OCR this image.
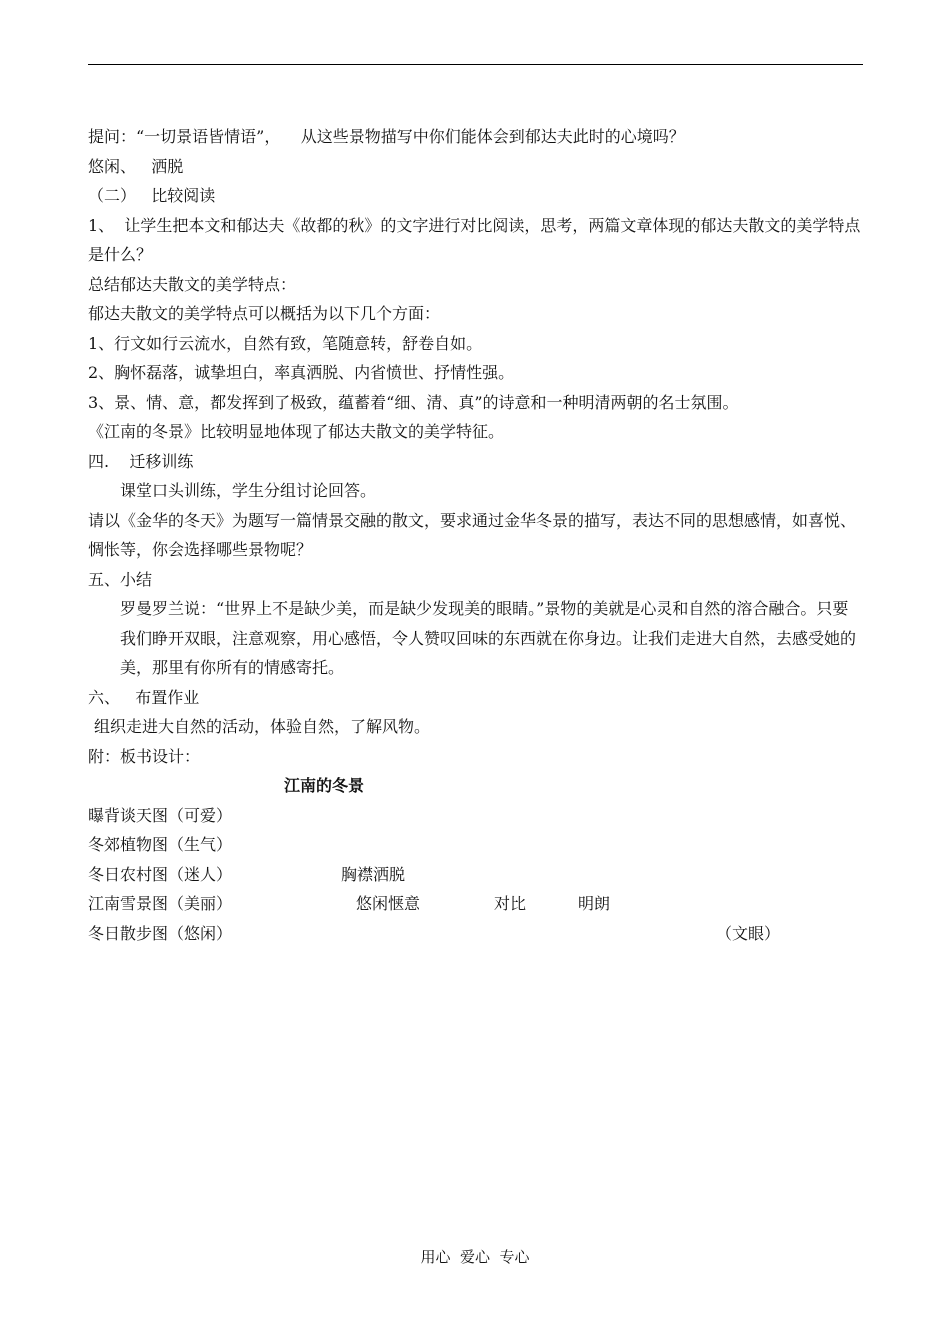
提问：“一切景语皆情语”，    从这些景物描写中你们能体会到郁达夫此时的心境吗？

悠闲、   洒脱

（二）   比较阅读

1、  让学生把本文和郁达夫《故都的秋》的文字进行对比阅读，思考，两篇文章体现的郁达夫散文的美学特点是什么？

总结郁达夫散文的美学特点：

郁达夫散文的美学特点可以概括为以下几个方面：

1、行文如行云流水，自然有致，笔随意转，舒卷自如。

2、胸怀磊落，诚挚坦白，率真洒脱、内省愤世、抒情性强。

3、景、情、意，都发挥到了极致，蕴蓄着“细、清、真”的诗意和一种明清两朝的名士氛围。

《江南的冬景》比较明显地体现了郁达夫散文的美学特征。

四.    迁移训练

课堂口头训练，学生分组讨论回答。

请以《金华的冬天》为题写一篇情景交融的散文，要求通过金华冬景的描写，表达不同的思想感情，如喜悦、惆怅等，你会选择哪些景物呢？

五、小结

罗曼罗兰说：“世界上不是缺少美，而是缺少发现美的眼睛。”景物的美就是心灵和自然的溶合融合。只要我们睁开双眼，注意观察，用心感悟，令人赞叹回味的东西就在你身边。让我们走进大自然，去感受她的美，那里有你所有的情感寄托。

六、   布置作业

组织走进大自然的活动，体验自然，了解风物。

附：板书设计：

江南的冬景

曝背谈天图（可爱）
冬郊植物图（生气）
冬日农村图（迷人）	胸襟洒脱
江南雪景图（美丽）	悠闲惬意	对比	明朗
冬日散步图（悠闲）	（文眼）
用心  爱心  专心
